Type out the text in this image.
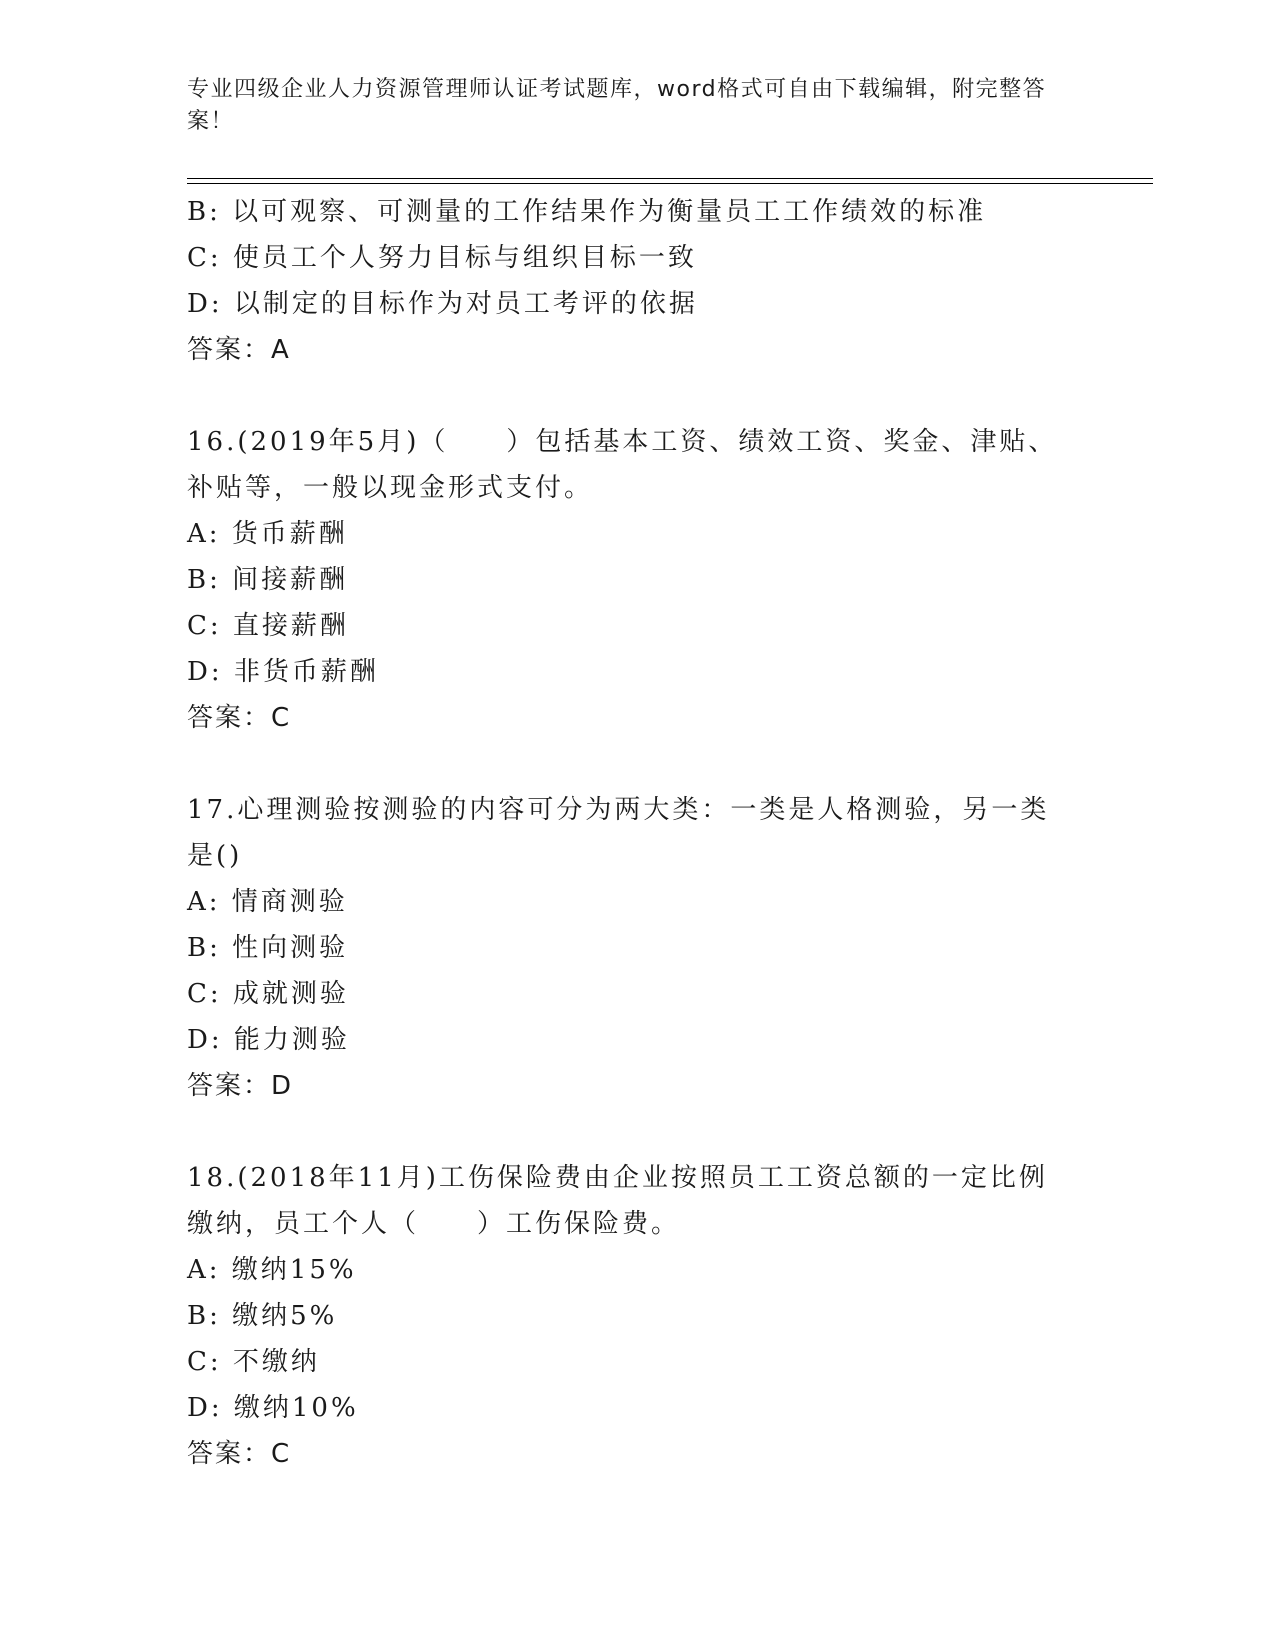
专业四级企业人力资源管理师认证考试题库，word格式可自由下载编辑，附完整答案！
B: 以可观察、可测量的工作结果作为衡量员工工作绩效的标准
C: 使员工个人努力目标与组织目标一致
D: 以制定的目标作为对员工考评的依据
答案：A
16.(2019年5月)（　　）包括基本工资、绩效工资、奖金、津贴、补贴等，一般以现金形式支付。
A: 货币薪酬
B: 间接薪酬
C: 直接薪酬
D: 非货币薪酬
答案：C
17.心理测验按测验的内容可分为两大类：一类是人格测验，另一类是()
A: 情商测验
B: 性向测验
C: 成就测验
D: 能力测验
答案：D
18.(2018年11月)工伤保险费由企业按照员工工资总额的一定比例缴纳，员工个人（　　）工伤保险费。
A: 缴纳15%
B: 缴纳5%
C: 不缴纳
D: 缴纳10%
答案：C
